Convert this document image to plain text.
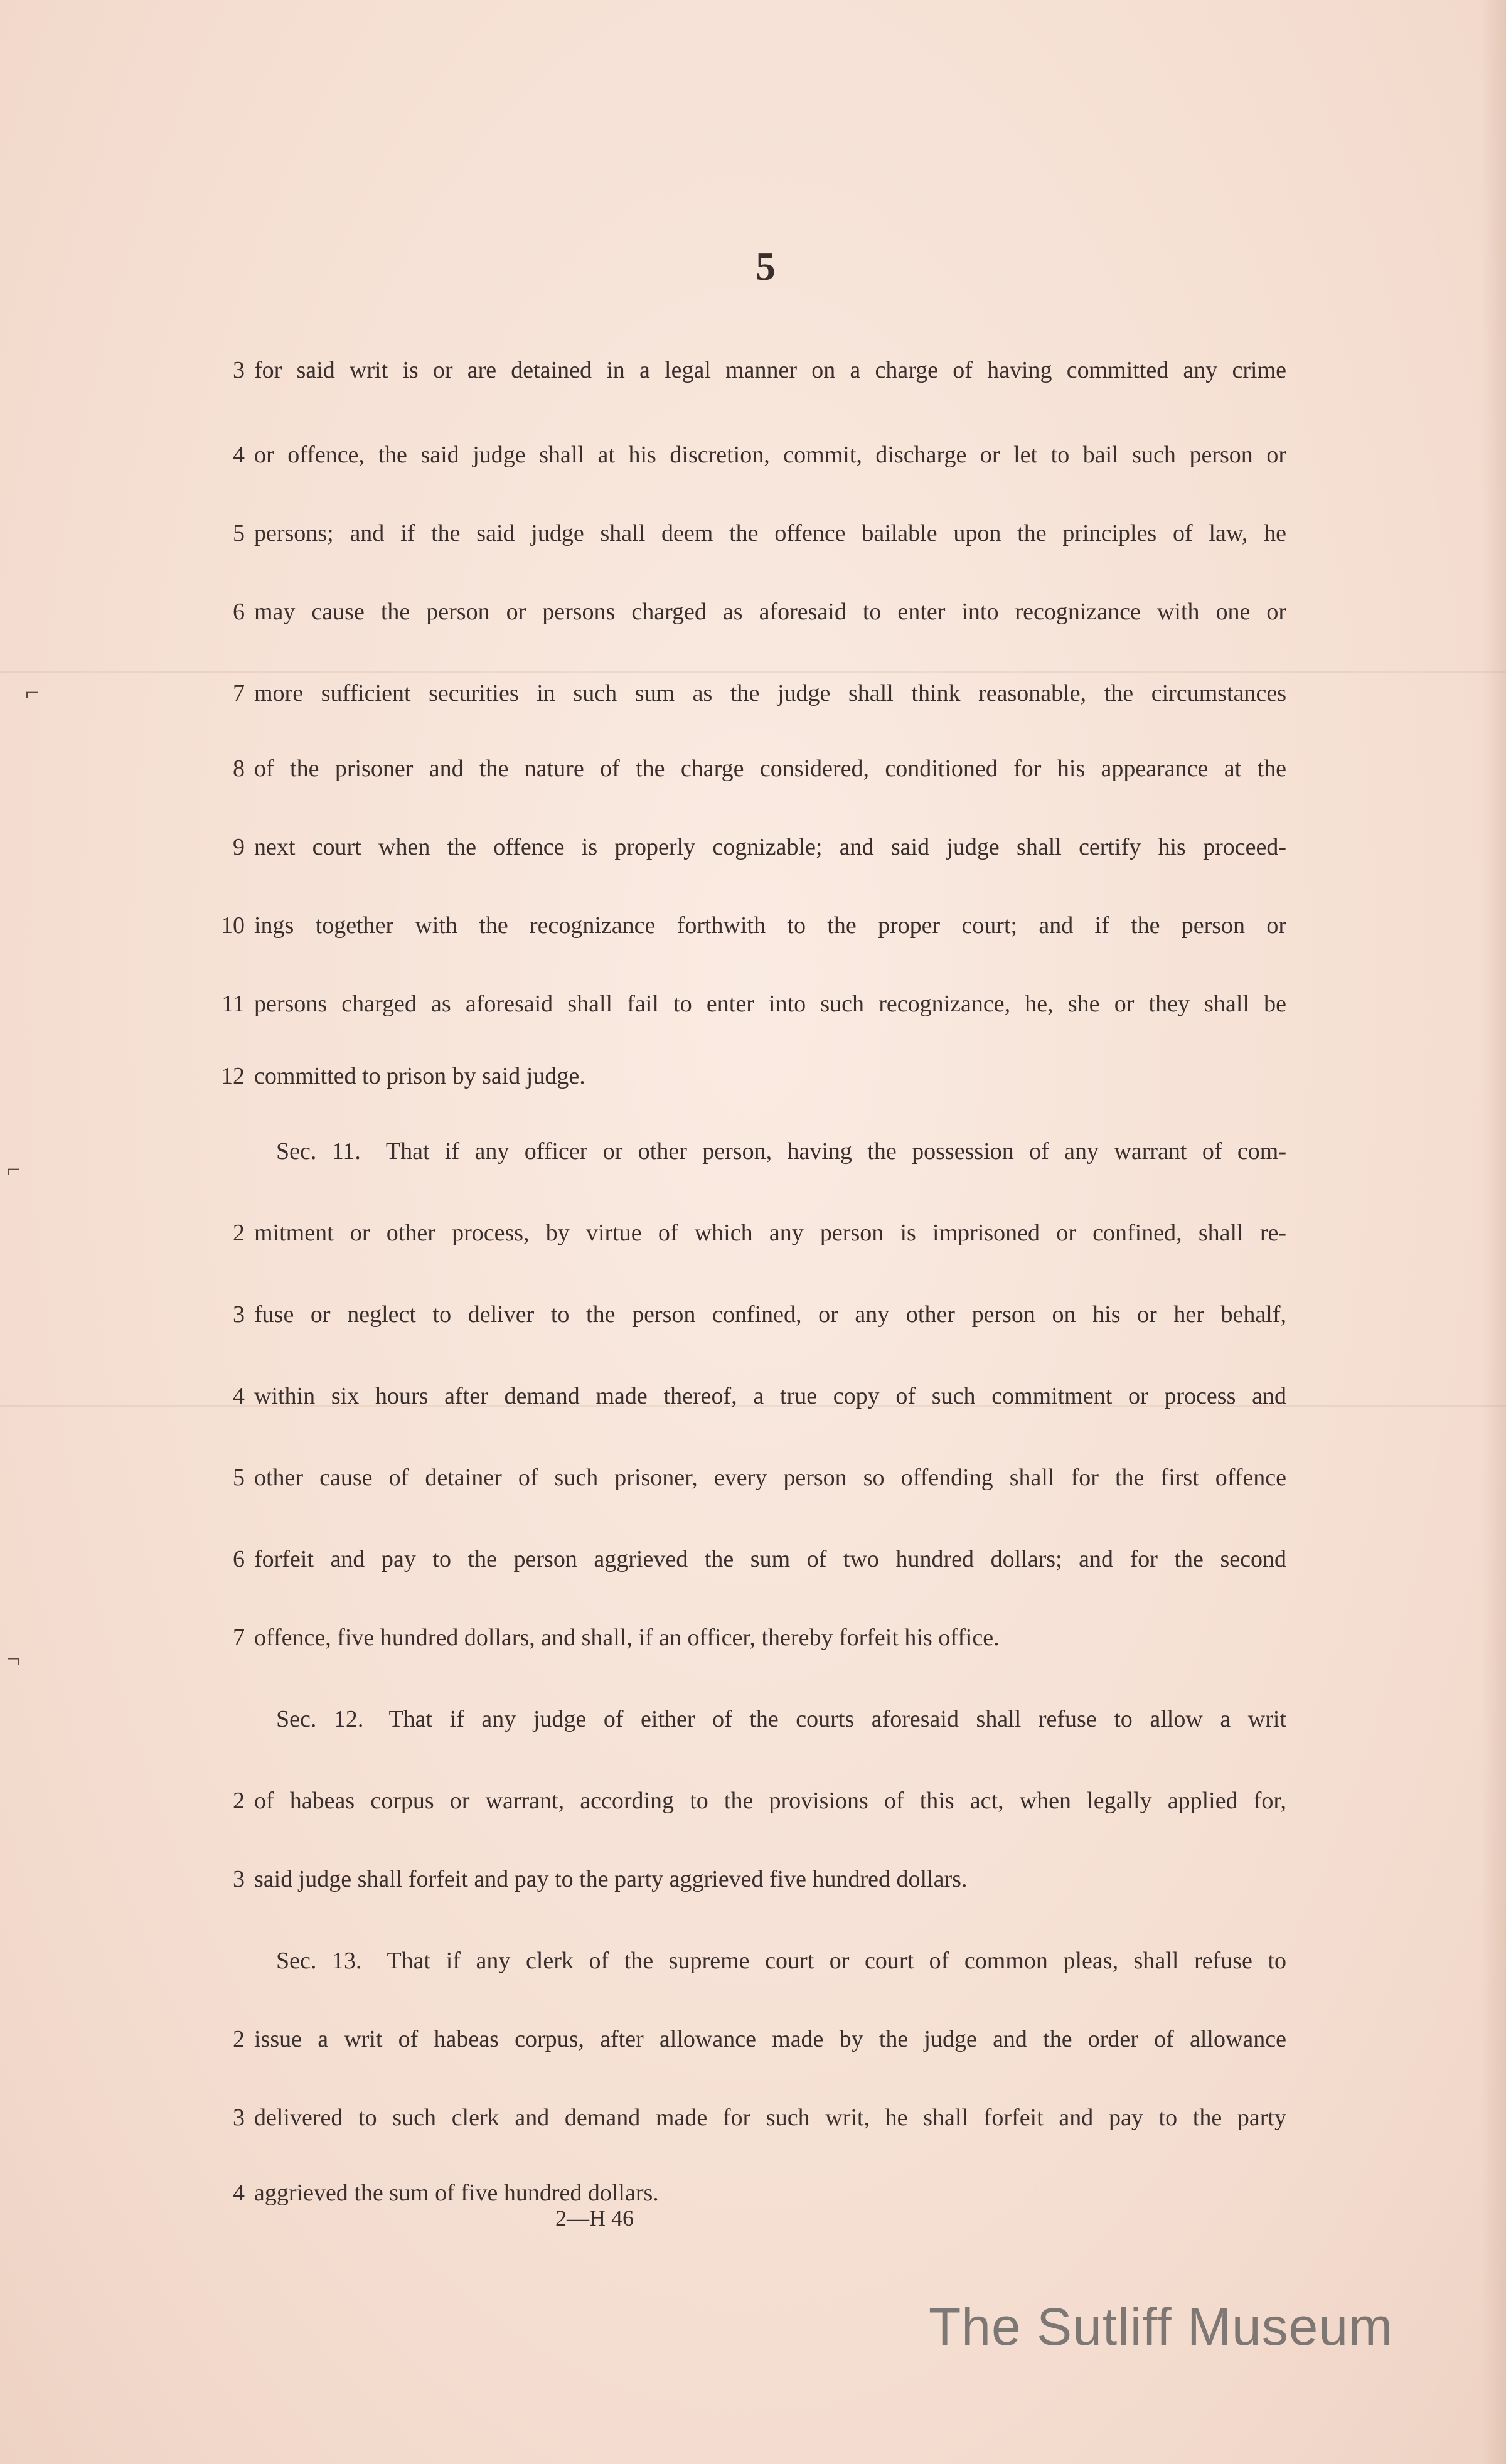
⌐
⌐
¬
5
3 for said writ is or are detained in a legal manner on a charge of having committed any crime
4 or offence, the said judge shall at his discretion, commit, discharge or let to bail such person or
5 persons; and if the said judge shall deem the offence bailable upon the principles of law, he
6 may cause the person or persons charged as aforesaid to enter into recognizance with one or
7 more sufficient securities in such sum as the judge shall think reasonable, the circumstances
8 of the prisoner and the nature of the charge considered, conditioned for his appearance at the
9 next court when the offence is properly cognizable; and said judge shall certify his proceed-
10 ings together with the recognizance forthwith to the proper court; and if the person or
11 persons charged as aforesaid shall fail to enter into such recognizance, he, she or they shall be
12 committed to prison by said judge.
Sec. 11. That if any officer or other person, having the possession of any warrant of com-
2 mitment or other process, by virtue of which any person is imprisoned or confined, shall re-
3 fuse or neglect to deliver to the person confined, or any other person on his or her behalf,
4 within six hours after demand made thereof, a true copy of such commitment or process and
5 other cause of detainer of such prisoner, every person so offending shall for the first offence
6 forfeit and pay to the person aggrieved the sum of two hundred dollars; and for the second
7 offence, five hundred dollars, and shall, if an officer, thereby forfeit his office.
Sec. 12. That if any judge of either of the courts aforesaid shall refuse to allow a writ
2 of habeas corpus or warrant, according to the provisions of this act, when legally applied for,
3 said judge shall forfeit and pay to the party aggrieved five hundred dollars.
Sec. 13. That if any clerk of the supreme court or court of common pleas, shall refuse to
2 issue a writ of habeas corpus, after allowance made by the judge and the order of allowance
3 delivered to such clerk and demand made for such writ, he shall forfeit and pay to the party
4 aggrieved the sum of five hundred dollars.
2—H 46
The Sutliff Museum
